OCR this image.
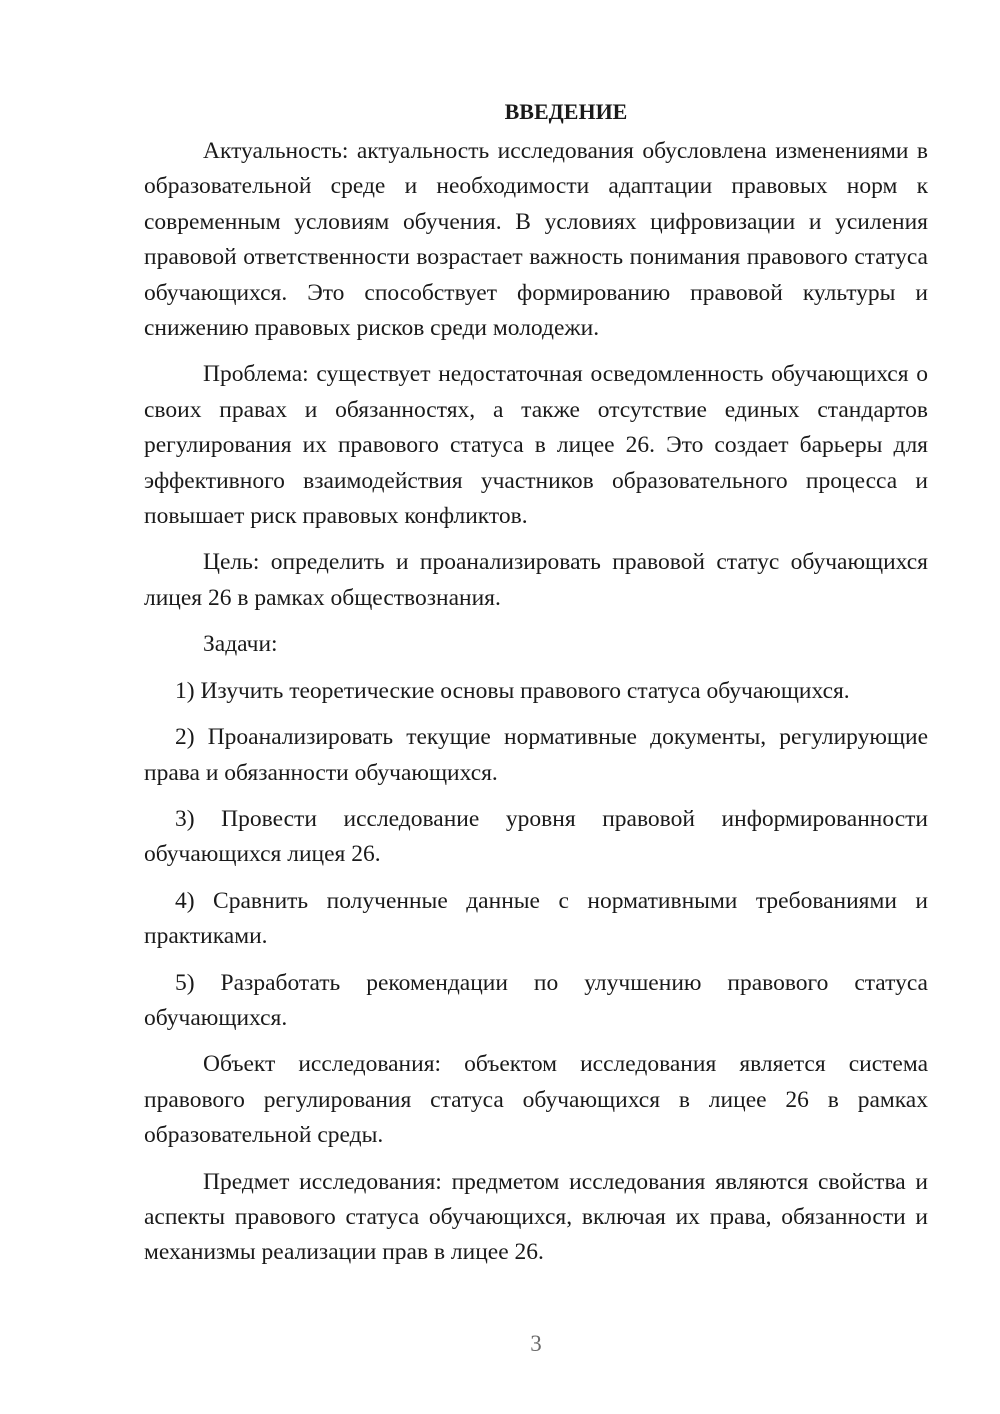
ВВЕДЕНИЕ

Актуальность: актуальность исследования обусловлена изменениями в образовательной среде и необходимости адаптации правовых норм к современным условиям обучения. В условиях цифровизации и усиления правовой ответственности возрастает важность понимания правового статуса обучающихся. Это способствует формированию правовой культуры и снижению правовых рисков среди молодежи.

Проблема: существует недостаточная осведомленность обучающихся о своих правах и обязанностях, а также отсутствие единых стандартов регулирования их правового статуса в лицее 26. Это создает барьеры для эффективного взаимодействия участников образовательного процесса и повышает риск правовых конфликтов.

Цель: определить и проанализировать правовой статус обучающихся лицея 26 в рамках обществознания.

Задачи:

1) Изучить теоретические основы правового статуса обучающихся.

2) Проанализировать текущие нормативные документы, регулирующие права и обязанности обучающихся.

3) Провести исследование уровня правовой информированности обучающихся лицея 26.

4) Сравнить полученные данные с нормативными требованиями и практиками.

5) Разработать рекомендации по улучшению правового статуса обучающихся.

Объект исследования: объектом исследования является система правового регулирования статуса обучающихся в лицее 26 в рамках образовательной среды.

Предмет исследования: предметом исследования являются свойства и аспекты правового статуса обучающихся, включая их права, обязанности и механизмы реализации прав в лицее 26.

3
